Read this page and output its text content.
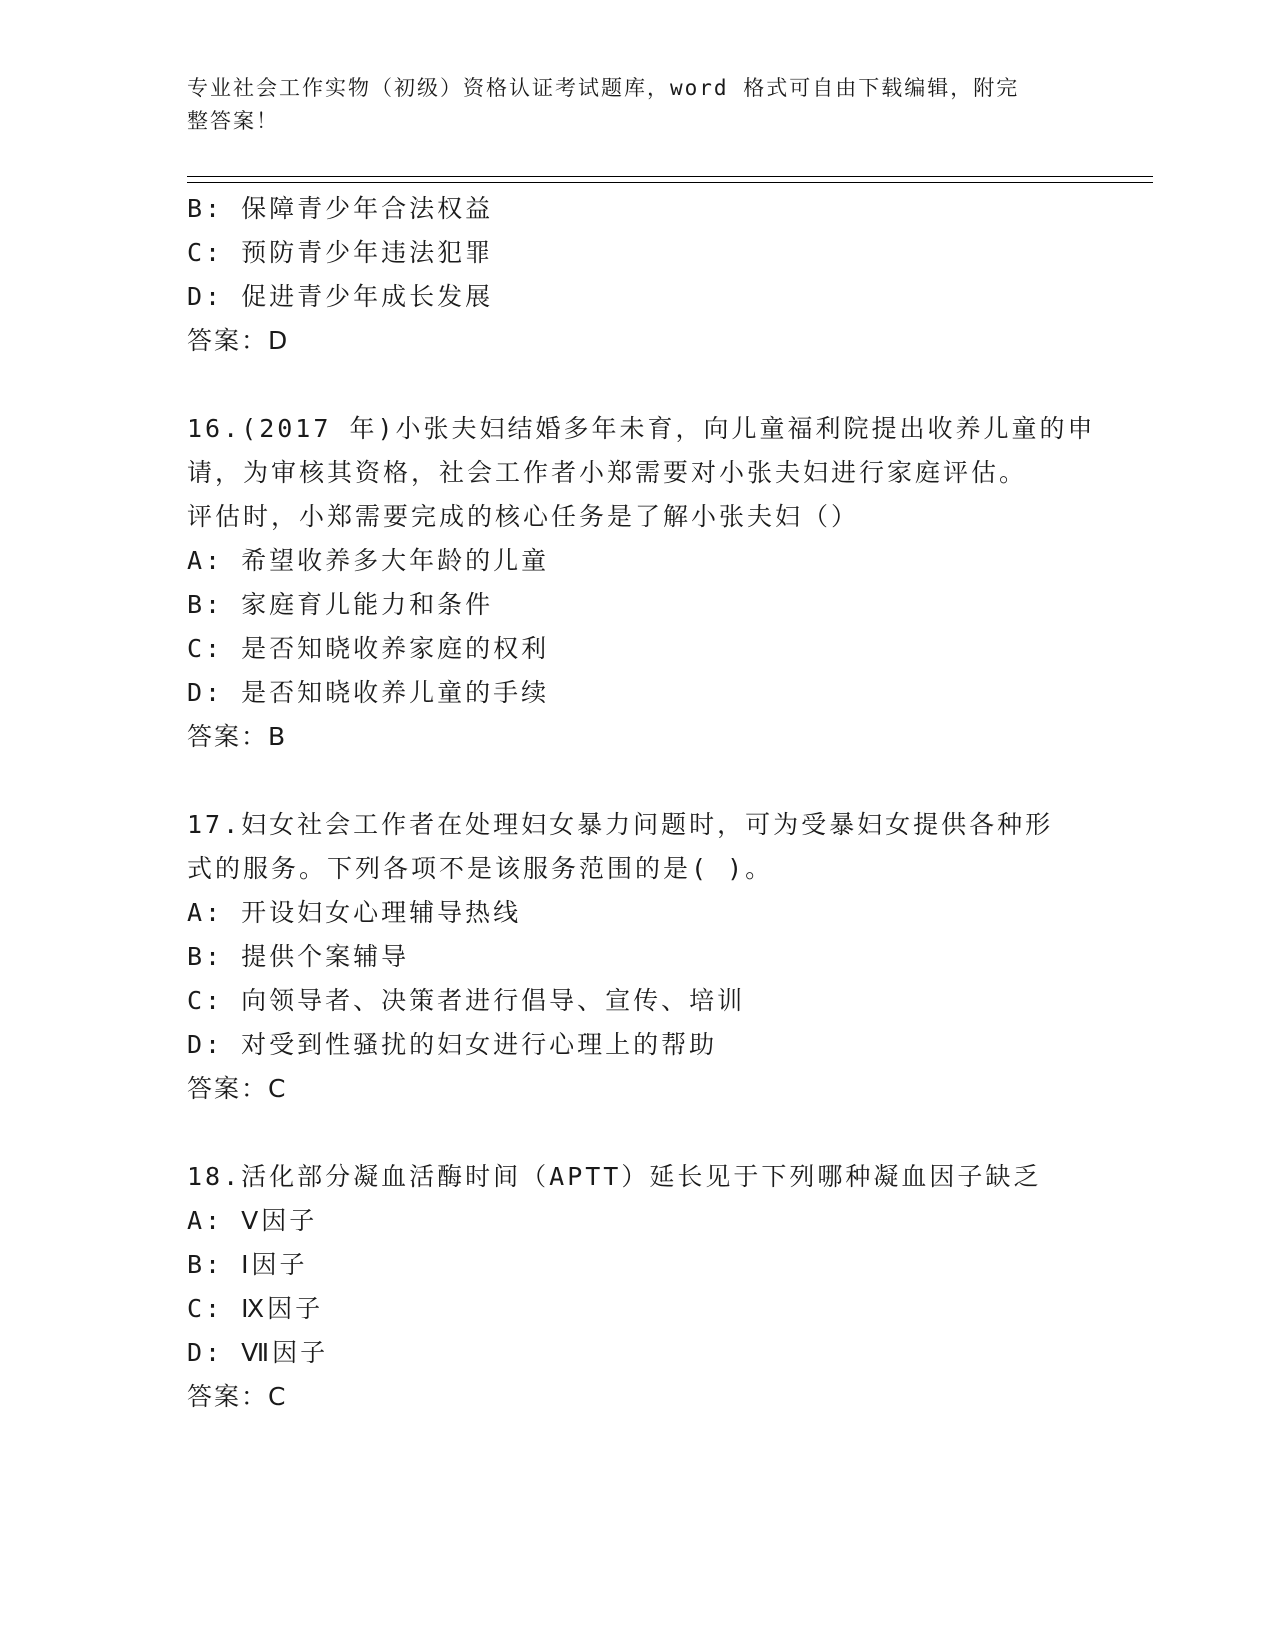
专业社会工作实物（初级）资格认证考试题库，word 格式可自由下载编辑，附完
整答案！
B: 保障青少年合法权益
C: 预防青少年违法犯罪
D: 促进青少年成长发展
答案：D
16.(2017 年)小张夫妇结婚多年未育，向儿童福利院提出收养儿童的申
请，为审核其资格，社会工作者小郑需要对小张夫妇进行家庭评估。
评估时，小郑需要完成的核心任务是了解小张夫妇（）
A: 希望收养多大年龄的儿童
B: 家庭育儿能力和条件
C: 是否知晓收养家庭的权利
D: 是否知晓收养儿童的手续
答案：B
17.妇女社会工作者在处理妇女暴力问题时，可为受暴妇女提供各种形
式的服务。下列各项不是该服务范围的是( )。
A: 开设妇女心理辅导热线
B: 提供个案辅导
C: 向领导者、决策者进行倡导、宣传、培训
D: 对受到性骚扰的妇女进行心理上的帮助
答案：C
18.活化部分凝血活酶时间（APTT）延长见于下列哪种凝血因子缺乏
A: Ⅴ因子
B: Ⅰ因子
C: Ⅸ因子
D: Ⅶ因子
答案：C
